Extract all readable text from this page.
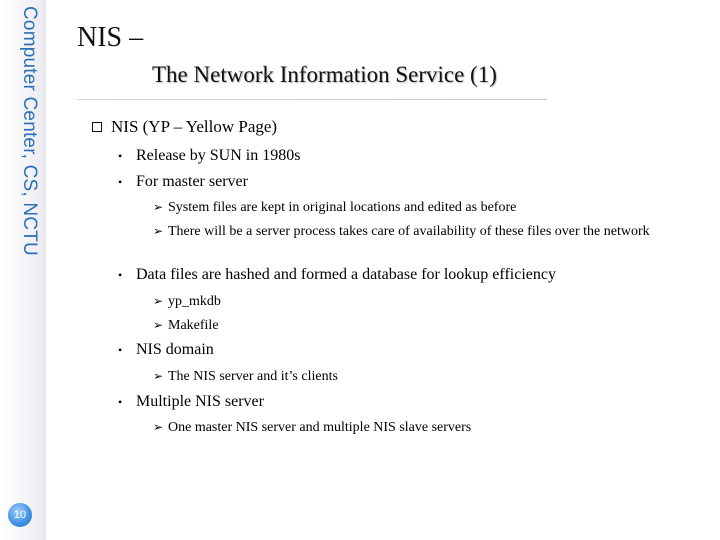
Computer Center, CS, NCTU
10
NIS –
The Network Information Service (1)
NIS (YP – Yellow Page)
• Release by SUN in 1980s
• For master server
➢ System files are kept in original locations and edited as before
➢ There will be a server process takes care of availability of these files over the network
• Data files are hashed and formed a database for lookup efficiency
➢ yp_mkdb
➢ Makefile
• NIS domain
➢ The NIS server and it’s clients
• Multiple NIS server
➢ One master NIS server and multiple NIS slave servers
